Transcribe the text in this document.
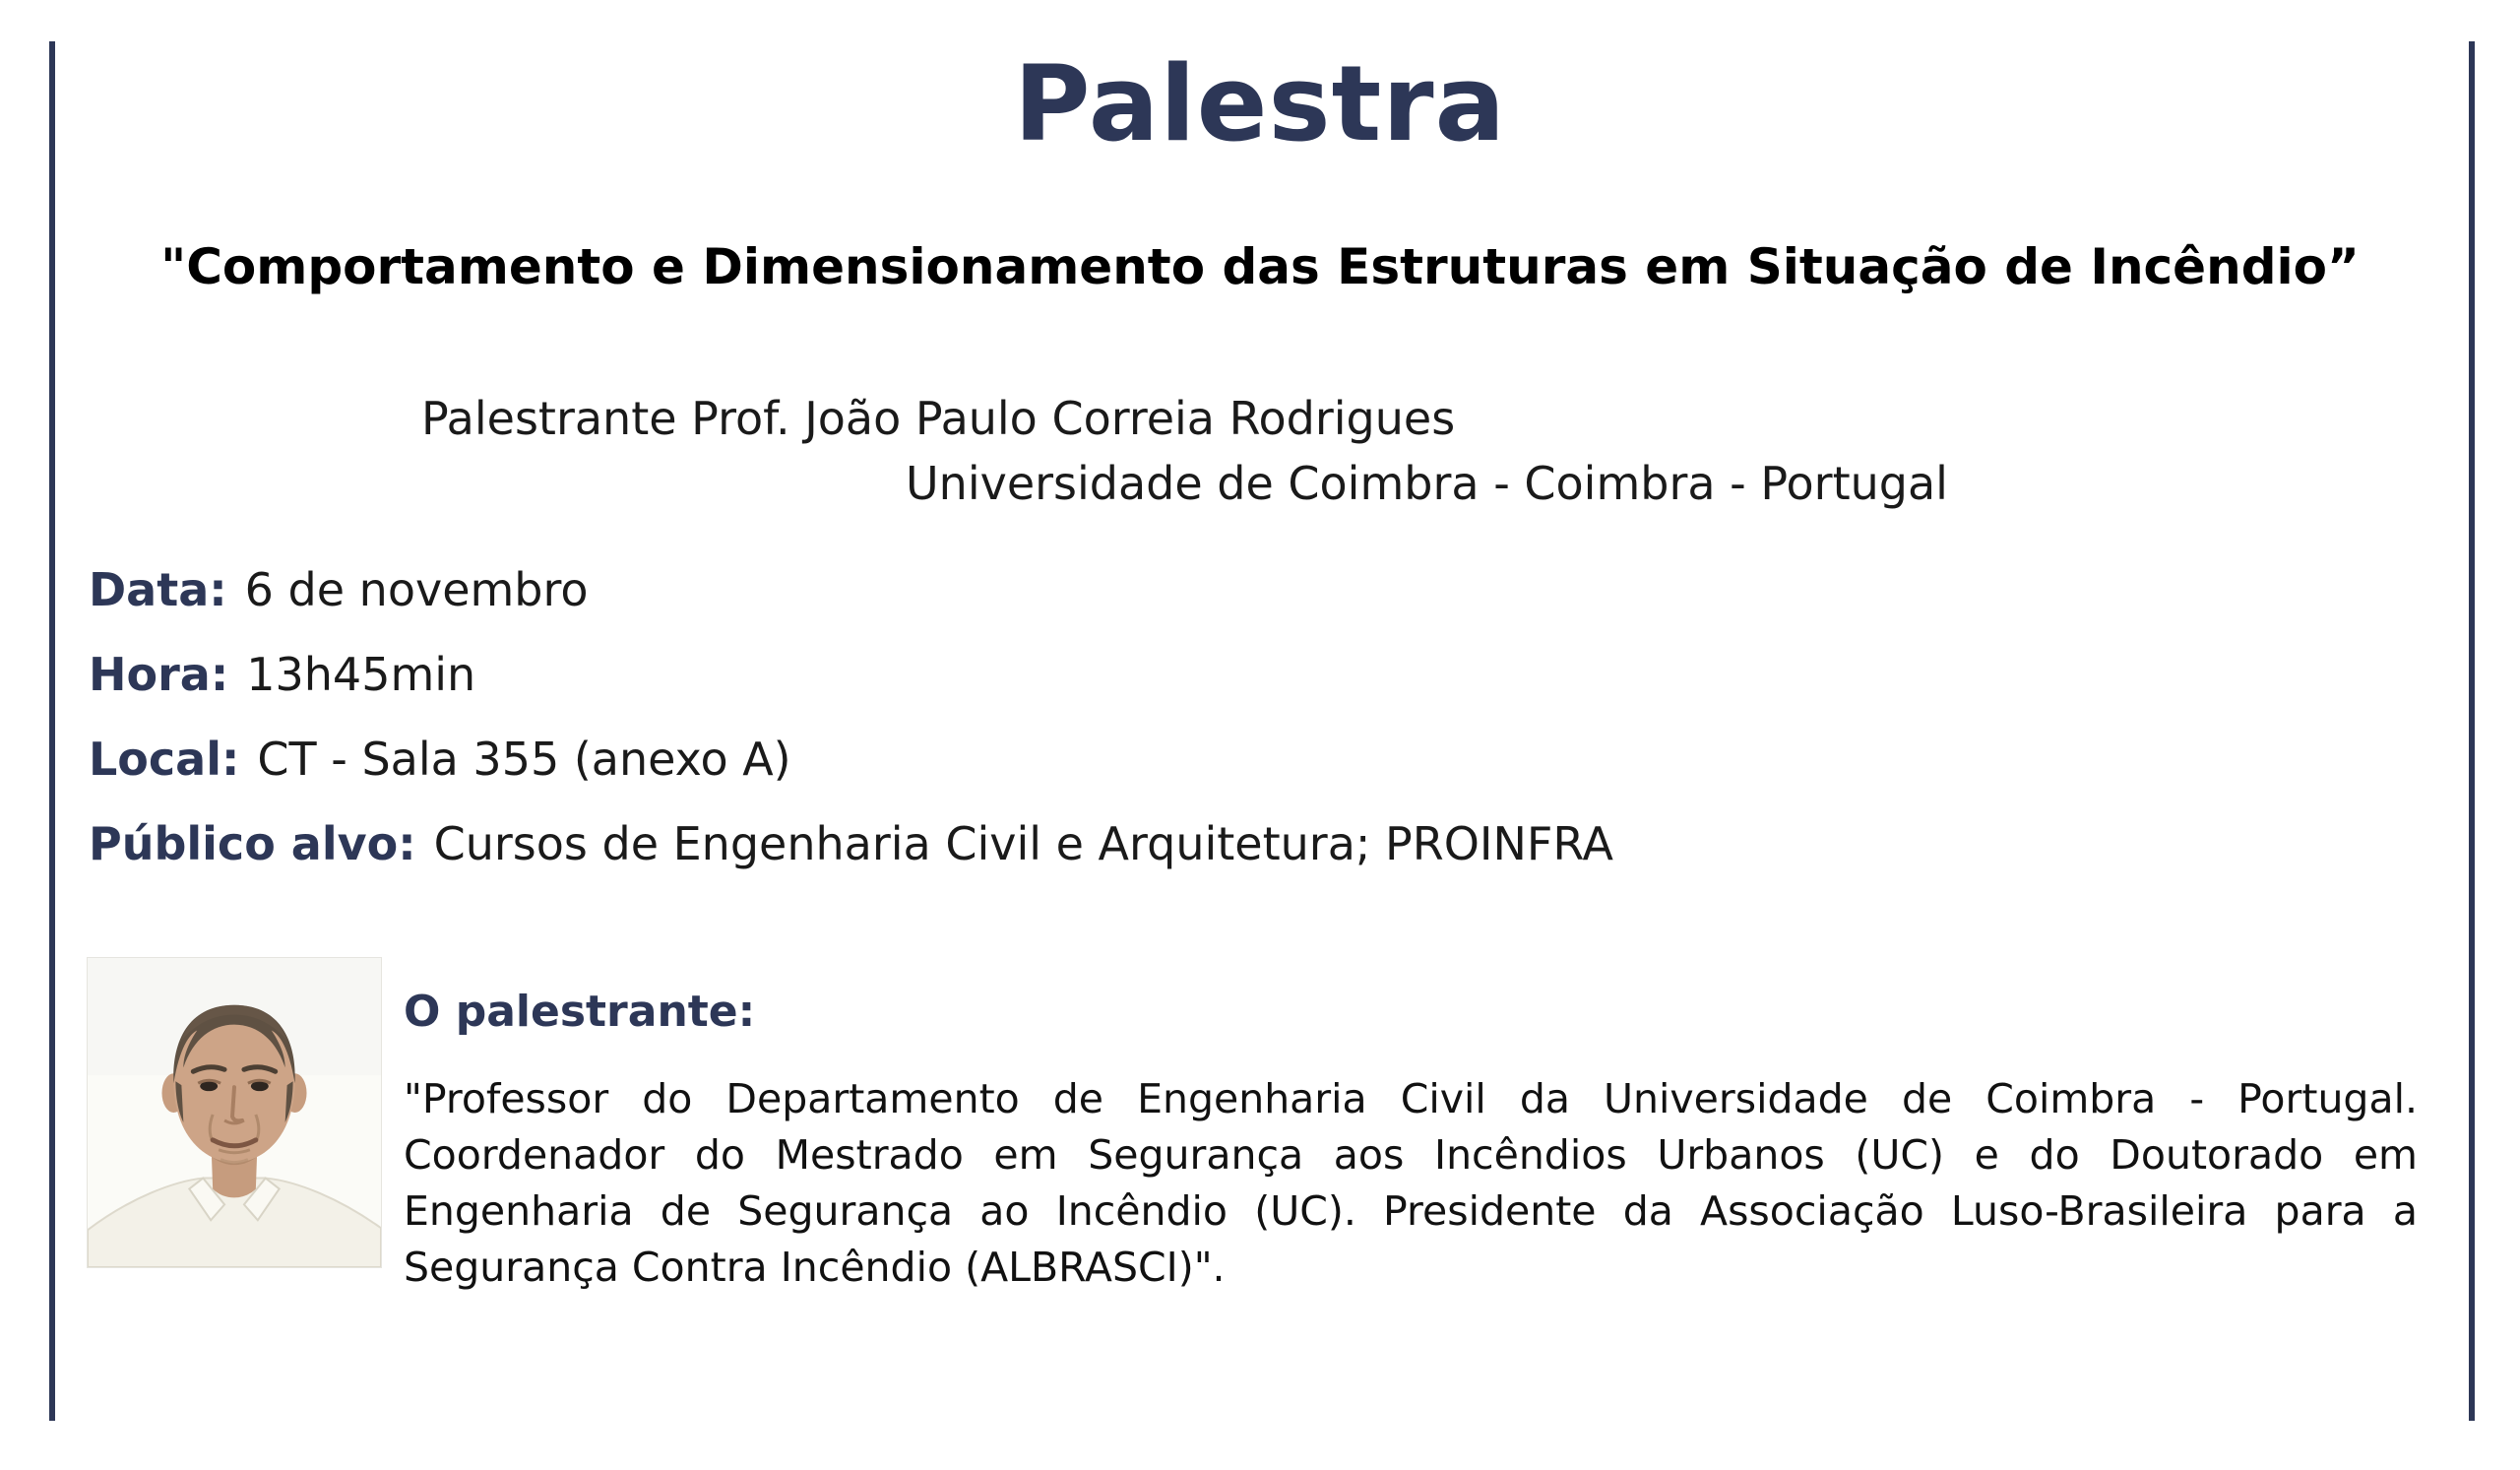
Palestra
"Comportamento e Dimensionamento das Estruturas em Situação de Incêndio”
Palestrante Prof. João Paulo Correia Rodrigues
Universidade de Coimbra - Coimbra - Portugal
Data: 6 de novembro
Hora: 13h45min
Local: CT - Sala 355 (anexo A)
Público alvo: Cursos de Engenharia Civil e Arquitetura; PROINFRA
O palestrante:
"Professor do Departamento de Engenharia Civil da Universidade de Coimbra - Portugal. Coordenador do Mestrado em Segurança aos Incêndios Urbanos (UC) e do Doutorado em Engenharia de Segurança ao Incêndio (UC). Presidente da Associação Luso-Brasileira para a Segurança Contra Incêndio (ALBRASCI)".
